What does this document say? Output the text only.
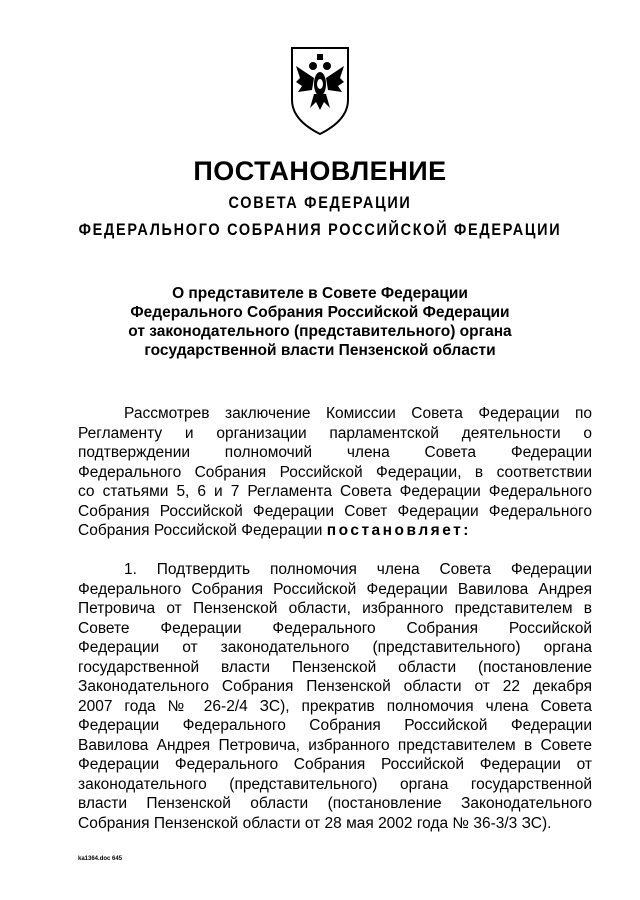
ПОСТАНОВЛЕНИЕ
СОВЕТА ФЕДЕРАЦИИ
ФЕДЕРАЛЬНОГО СОБРАНИЯ РОССИЙСКОЙ ФЕДЕРАЦИИ
О представителе в Совете Федерации
Федерального Собрания Российской Федерации
от законодательного (представительного) органа
государственной власти Пензенской области
Рассмотрев заключение Комиссии Совета Федерации по
Регламенту и организации парламентской деятельности о
подтверждении полномочий члена Совета Федерации
Федерального Собрания Российской Федерации, в соответствии
со статьями 5, 6 и 7 Регламента Совета Федерации Федерального
Собрания Российской Федерации Совет Федерации Федерального
Собрания Российской Федерации постановляет:
1. Подтвердить полномочия члена Совета Федерации
Федерального Собрания Российской Федерации Вавилова Андрея
Петровича от Пензенской области, избранного представителем в
Совете Федерации Федерального Собрания Российской
Федерации от законодательного (представительного) органа
государственной власти Пензенской области (постановление
Законодательного Собрания Пензенской области от 22 декабря
2007 года № 26-2/4 ЗС), прекратив полномочия члена Совета
Федерации Федерального Собрания Российской Федерации
Вавилова Андрея Петровича, избранного представителем в Совете
Федерации Федерального Собрания Российской Федерации от
законодательного (представительного) органа государственной
власти Пензенской области (постановление Законодательного
Собрания Пензенской области от 28 мая 2002 года № 36-3/3 ЗС).
ka1364.doc 645
